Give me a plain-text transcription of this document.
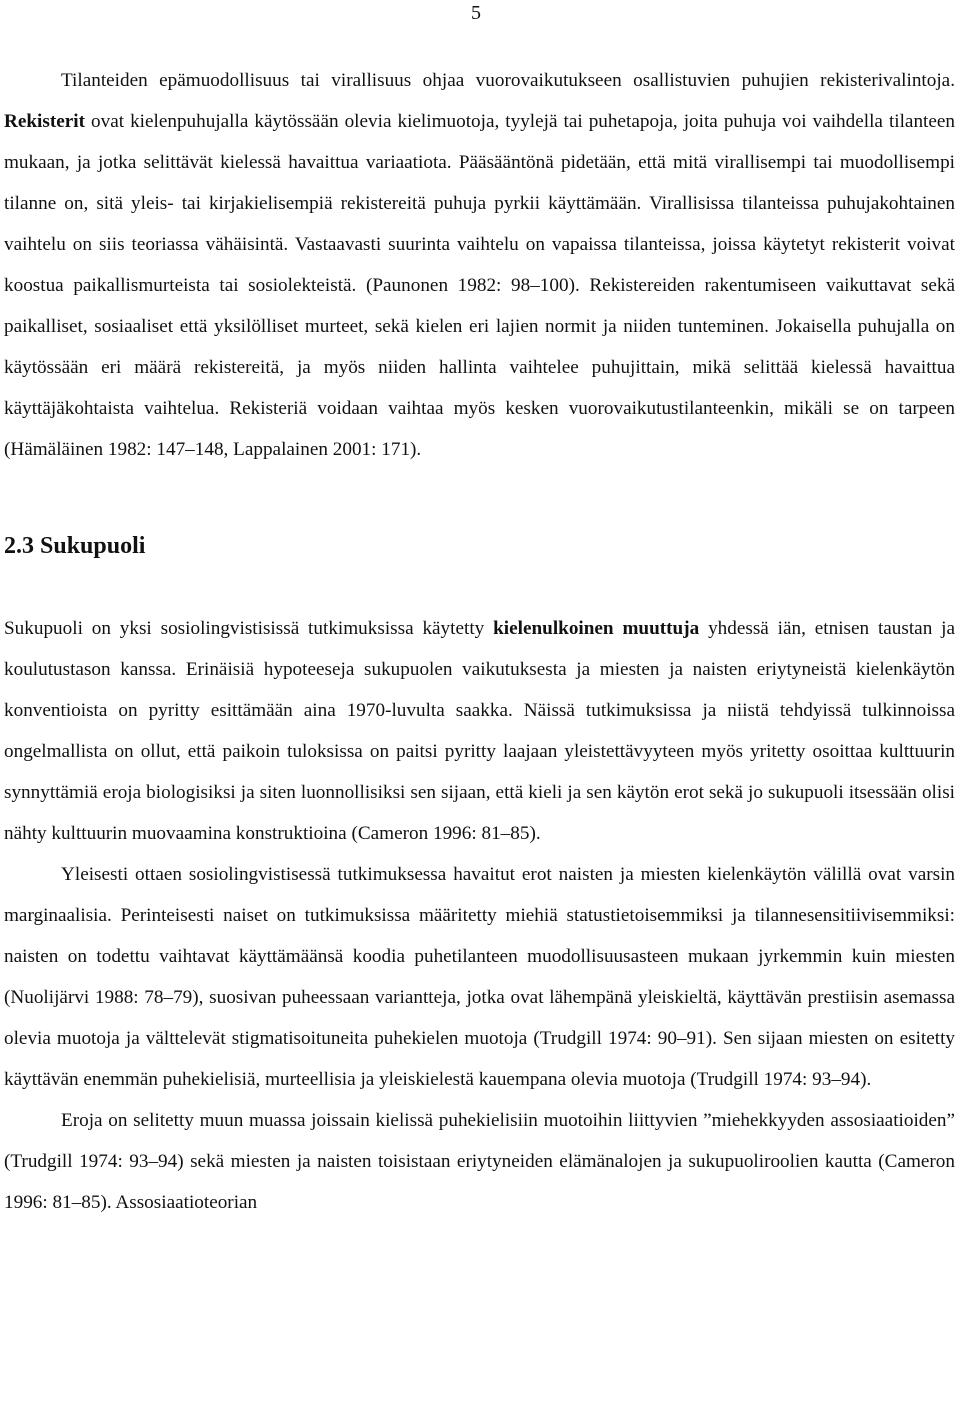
5

Tilanteiden epämuodollisuus tai virallisuus ohjaa vuorovaikutukseen osallistuvien puhujien rekisterivalintoja. Rekisterit ovat kielenpuhujalla käytössään olevia kielimuotoja, tyylejä tai puhetapoja, joita puhuja voi vaihdella tilanteen mukaan, ja jotka selittävät kielessä havaittua variaatiota. Pääsääntönä pidetään, että mitä virallisempi tai muodollisempi tilanne on, sitä yleis- tai kirjakielisempiä rekistereitä puhuja pyrkii käyttämään. Virallisissa tilanteissa puhujakohtainen vaihtelu on siis teoriassa vähäisintä. Vastaavasti suurinta vaihtelu on vapaissa tilanteissa, joissa käytetyt rekisterit voivat koostua paikallismurteista tai sosiolekteistä. (Paunonen 1982: 98–100). Rekistereiden rakentumiseen vaikuttavat sekä paikalliset, sosiaaliset että yksilölliset murteet, sekä kielen eri lajien normit ja niiden tunteminen. Jokaisella puhujalla on käytössään eri määrä rekistereitä, ja myös niiden hallinta vaihtelee puhujittain, mikä selittää kielessä havaittua käyttäjäkohtaista vaihtelua. Rekisteriä voidaan vaihtaa myös kesken vuorovaikutustilanteenkin, mikäli se on tarpeen (Hämäläinen 1982: 147–148, Lappalainen 2001: 171).

2.3 Sukupuoli

Sukupuoli on yksi sosiolingvistisissä tutkimuksissa käytetty kielenulkoinen muuttuja yhdessä iän, etnisen taustan ja koulutustason kanssa. Erinäisiä hypoteeseja sukupuolen vaikutuksesta ja miesten ja naisten eriytyneistä kielenkäytön konventioista on pyritty esittämään aina 1970-luvulta saakka. Näissä tutkimuksissa ja niistä tehdyissä tulkinnoissa ongelmallista on ollut, että paikoin tuloksissa on paitsi pyritty laajaan yleistettävyyteen myös yritetty osoittaa kulttuurin synnyttämiä eroja biologisiksi ja siten luonnollisiksi sen sijaan, että kieli ja sen käytön erot sekä jo sukupuoli itsessään olisi nähty kulttuurin muovaamina konstruktioina (Cameron 1996: 81–85).

Yleisesti ottaen sosiolingvistisessä tutkimuksessa havaitut erot naisten ja miesten kielenkäytön välillä ovat varsin marginaalisia. Perinteisesti naiset on tutkimuksissa määritetty miehiä statustietoisemmiksi ja tilannesensitiivisemmiksi: naisten on todettu vaihtavat käyttämäänsä koodia puhetilanteen muodollisuusasteen mukaan jyrkemmin kuin miesten (Nuolijärvi 1988: 78–79), suosivan puheessaan variantteja, jotka ovat lähempänä yleiskieltä, käyttävän prestiisin asemassa olevia muotoja ja välttelevät stigmatisoituneita puhekielen muotoja (Trudgill 1974: 90–91). Sen sijaan miesten on esitetty käyttävän enemmän puhekielisiä, murteellisia ja yleiskielestä kauempana olevia muotoja (Trudgill 1974: 93–94).

Eroja on selitetty muun muassa joissain kielissä puhekielisiin muotoihin liittyvien ”miehekkyyden assosiaatioiden” (Trudgill 1974: 93–94) sekä miesten ja naisten toisistaan eriytyneiden elämänalojen ja sukupuoliroolien kautta (Cameron 1996: 81–85). Assosiaatioteorian
